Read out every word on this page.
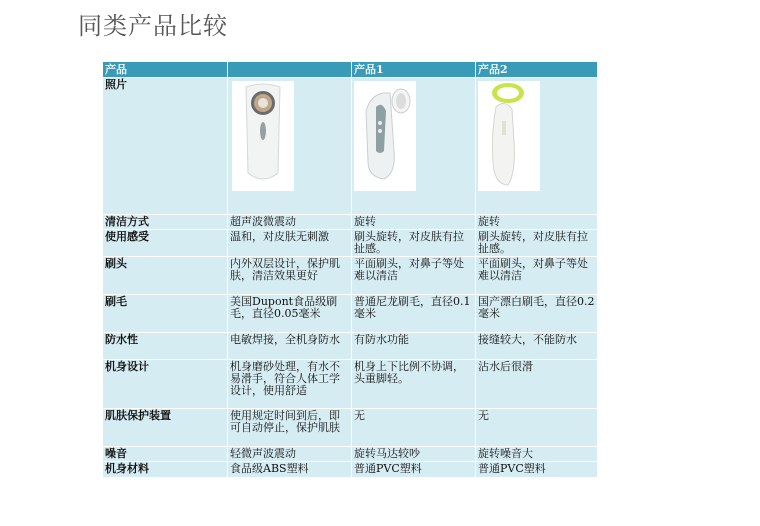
同类产品比较
产品		产品1	产品2
照片	

清洁方式	超声波微震动	旋转	旋转
使用感受	温和，对皮肤无刺激	刷头旋转，对皮肤有拉扯感。	刷头旋转，对皮肤有拉扯感。
刷头	内外双层设计，保护肌肤，清洁效果更好	平面刷头，对鼻子等处难以清洁	平面刷头，对鼻子等处难以清洁
刷毛	美国Dupont食品级刷毛，直径0.05毫米	普通尼龙刷毛，直径0.1毫米	国产漂白刷毛，直径0.2毫米
防水性	电敏焊接，全机身防水	有防水功能	接缝较大，不能防水
机身设计	机身磨砂处理，有水不易滑手，符合人体工学设计，使用舒适	机身上下比例不协调，头重脚轻。	沾水后很滑
肌肤保护装置	使用规定时间到后，即可自动停止，保护肌肤	无	无
噪音	轻微声波震动	旋转马达较吵	旋转噪音大
机身材料	食品级ABS塑料	普通PVC塑料	普通PVC塑料
